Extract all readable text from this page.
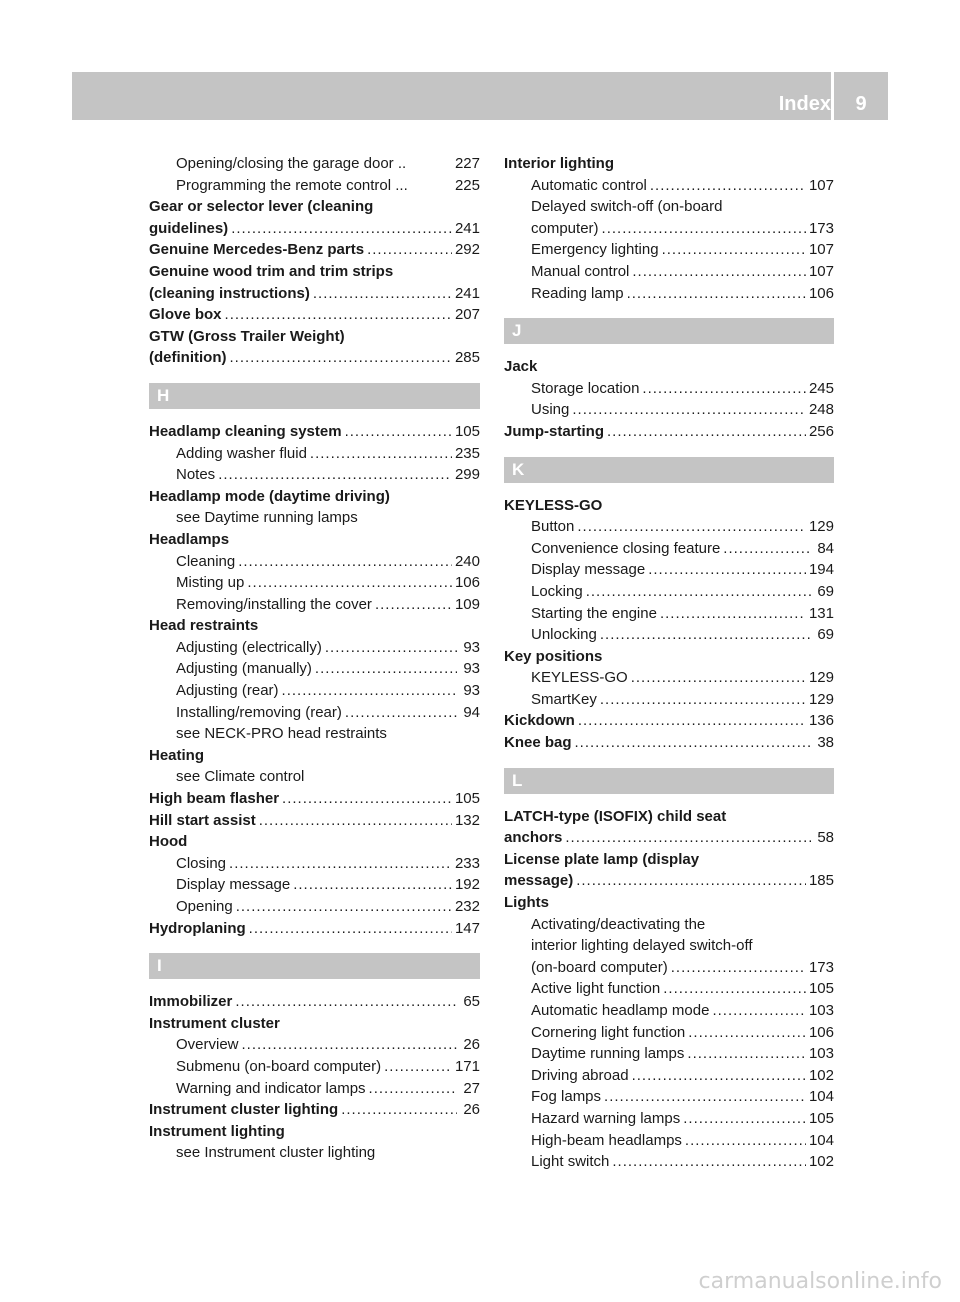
Index	9
Opening/closing the garage door ..	227
Programming the remote control ...	225
Gear or selector lever (cleaning
guidelines) .....	241
Genuine Mercedes-Benz parts .....	292
Genuine wood trim and trim strips
(cleaning instructions) .....	241
Glove box .....	207
GTW (Gross Trailer Weight)
(definition) .....	285
H
Headlamp cleaning system .....	105
Adding washer fluid .....	235
Notes .....	299
Headlamp mode (daytime driving)
see Daytime running lamps
Headlamps
Cleaning .....	240
Misting up .....	106
Removing/installing the cover .....	109
Head restraints
Adjusting (electrically) .....	93
Adjusting (manually) .....	93
Adjusting (rear) .....	93
Installing/removing (rear) .....	94
see NECK-PRO head restraints
Heating
see Climate control
High beam flasher .....	105
Hill start assist .....	132
Hood
Closing .....	233
Display message .....	192
Opening .....	232
Hydroplaning .....	147
I
Immobilizer .....	65
Instrument cluster
Overview .....	26
Submenu (on-board computer) .....	171
Warning and indicator lamps .....	27
Instrument cluster lighting .....	26
Instrument lighting
see Instrument cluster lighting
Interior lighting
Automatic control .....	107
Delayed switch-off (on-board
computer) .....	173
Emergency lighting .....	107
Manual control .....	107
Reading lamp .....	106
J
Jack
Storage location .....	245
Using .....	248
Jump-starting .....	256
K
KEYLESS-GO
Button .....	129
Convenience closing feature .....	84
Display message .....	194
Locking .....	69
Starting the engine .....	131
Unlocking .....	69
Key positions
KEYLESS-GO .....	129
SmartKey .....	129
Kickdown .....	136
Knee bag .....	38
L
LATCH-type (ISOFIX) child seat
anchors .....	58
License plate lamp (display
message) .....	185
Lights
Activating/deactivating the
interior lighting delayed switch-off
(on-board computer) .....	173
Active light function .....	105
Automatic headlamp mode .....	103
Cornering light function .....	106
Daytime running lamps .....	103
Driving abroad .....	102
Fog lamps .....	104
Hazard warning lamps .....	105
High-beam headlamps .....	104
Light switch .....	102
carmanualsonline.info
